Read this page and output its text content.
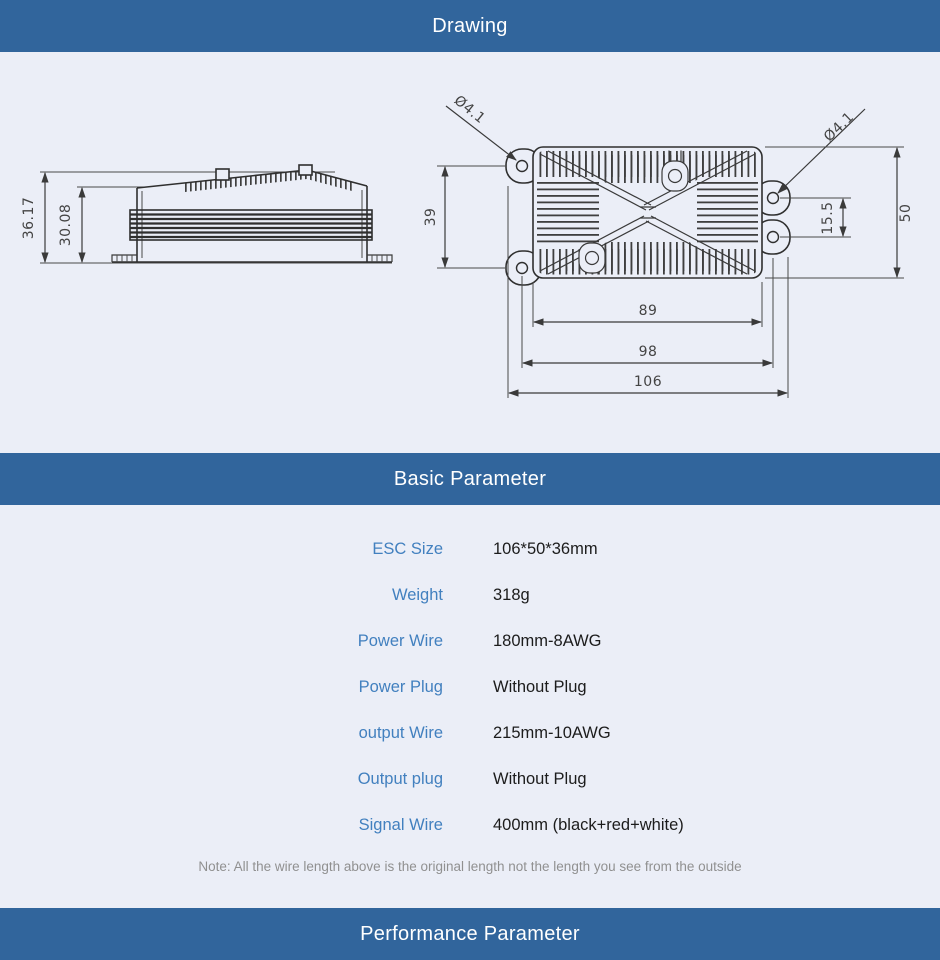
Drawing
36.17 30.08
Ø4.1	Ø4.1
39	15.5	50
89
98
106
Basic Parameter
ESC Size	106*50*36mm
Weight	318g
Power Wire	180mm-8AWG
Power Plug	Without Plug
output Wire	215mm-10AWG
Output plug	Without Plug
Signal Wire	400mm (black+red+white)
Note: All the wire length above is the original length not the length you see from the outside
Performance Parameter
